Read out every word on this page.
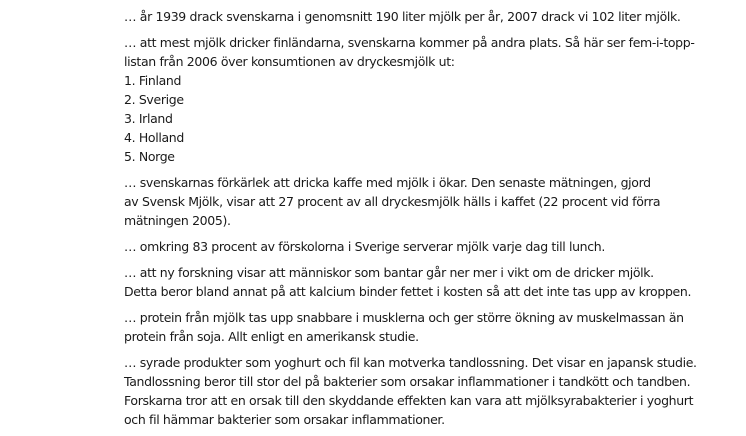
… år 1939 drack svenskarna i genomsnitt 190 liter mjölk per år, 2007 drack vi 102 liter mjölk.

… att mest mjölk dricker finländarna, svenskarna kommer på andra plats. Så här ser fem-i-topp-
listan från 2006 över konsumtionen av dryckesmjölk ut:

1. Finland
2. Sverige
3. Irland
4. Holland
5. Norge

… svenskarnas förkärlek att dricka kaffe med mjölk i ökar. Den senaste mätningen, gjord
av Svensk Mjölk, visar att 27 procent av all dryckesmjölk hälls i kaffet (22 procent vid förra
mätningen 2005).

… omkring 83 procent av förskolorna i Sverige serverar mjölk varje dag till lunch.

… att ny forskning visar att människor som bantar går ner mer i vikt om de dricker mjölk.
Detta beror bland annat på att kalcium binder fettet i kosten så att det inte tas upp av kroppen.

… protein från mjölk tas upp snabbare i musklerna och ger större ökning av muskelmassan än
protein från soja. Allt enligt en amerikansk studie.

… syrade produkter som yoghurt och fil kan motverka tandlossning. Det visar en japansk studie.
Tandlossning beror till stor del på bakterier som orsakar inflammationer i tandkött och tandben.
Forskarna tror att en orsak till den skyddande effekten kan vara att mjölksyrabakterier i yoghurt
och fil hämmar bakterier som orsakar inflammationer.
